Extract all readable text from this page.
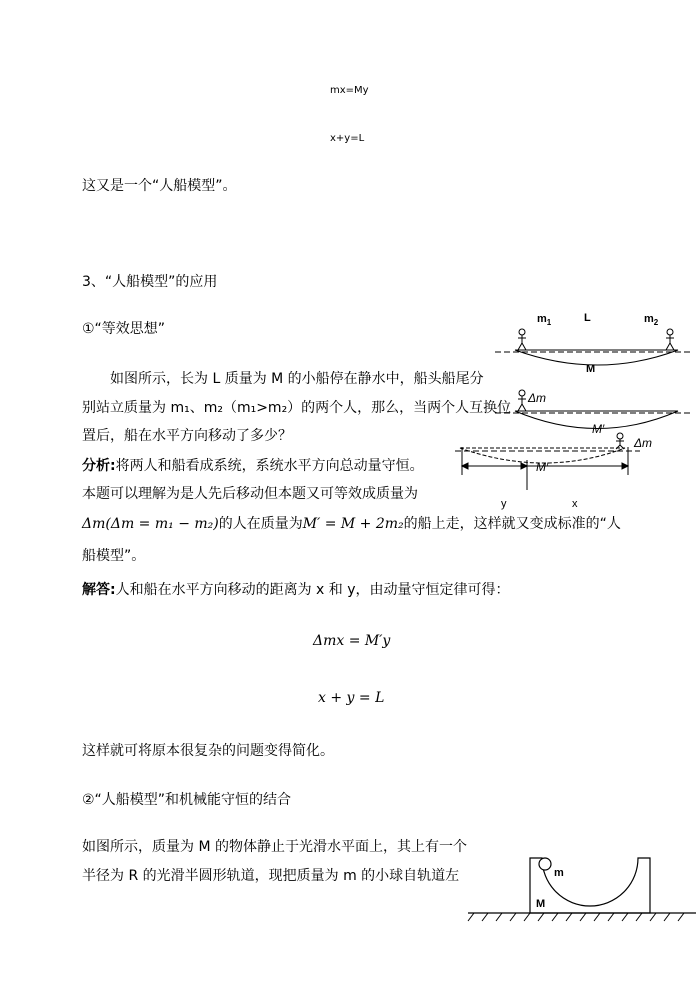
mx=My
x+y=L
这又是一个“人船模型”。
3、“人船模型”的应用
①“等效思想”
如图所示，长为 L 质量为 M 的小船停在静水中，船头船尾分
别站立质量为 m₁、m₂（m₁>m₂）的两个人，那么，当两个人互换位
置后，船在水平方向移动了多少？
分析:将两人和船看成系统，系统水平方向总动量守恒。
本题可以理解为是人先后移动但本题又可等效成质量为
Δm(Δm = m₁ − m₂)的人在质量为M′ = M + 2m₂的船上走，这样就又变成标准的“人
船模型”。
解答:人和船在水平方向移动的距离为 x 和 y，由动量守恒定律可得：
Δmx = M′y
x + y = L
这样就可将原本很复杂的问题变得简化。
②“人船模型”和机械能守恒的结合
如图所示，质量为 M 的物体静止于光滑水平面上，其上有一个
半径为 R 的光滑半圆形轨道，现把质量为 m 的小球自轨道左
$m_1$	L	$m_2$
M
Δm
M′
Δm
M′
y	x
m
M
